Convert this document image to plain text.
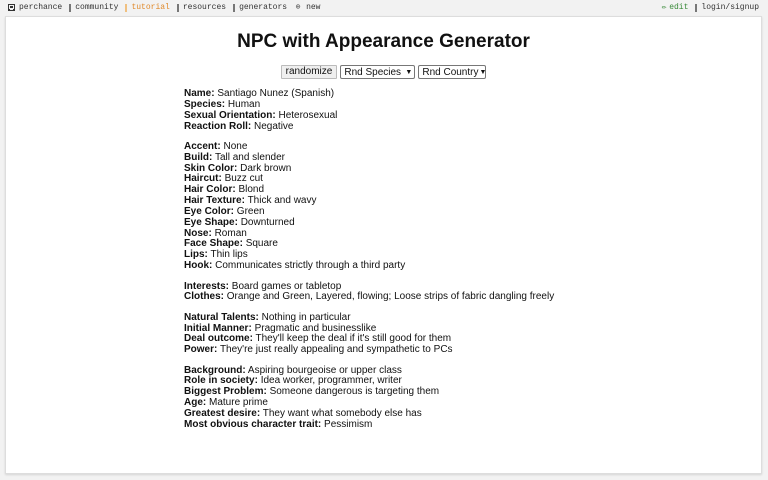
perchance community tutorial resources generators ⊕ new	✏ edit login/signup
NPC with Appearance Generator
randomize	Rnd Species ▼ Rnd Country ▼
Name: Santiago Nunez (Spanish)
Species: Human
Sexual Orientation: Heterosexual
Reaction Roll: Negative
Accent: None
Build: Tall and slender
Skin Color: Dark brown
Haircut: Buzz cut
Hair Color: Blond
Hair Texture: Thick and wavy
Eye Color: Green
Eye Shape: Downturned
Nose: Roman
Face Shape: Square
Lips: Thin lips
Hook: Communicates strictly through a third party
Interests: Board games or tabletop
Clothes: Orange and Green, Layered, flowing; Loose strips of fabric dangling freely
Natural Talents: Nothing in particular
Initial Manner: Pragmatic and businesslike
Deal outcome: They'll keep the deal if it's still good for them
Power: They're just really appealing and sympathetic to PCs
Background: Aspiring bourgeoise or upper class
Role in society: Idea worker, programmer, writer
Biggest Problem: Someone dangerous is targeting them
Age: Mature prime
Greatest desire: They want what somebody else has
Most obvious character trait: Pessimism
